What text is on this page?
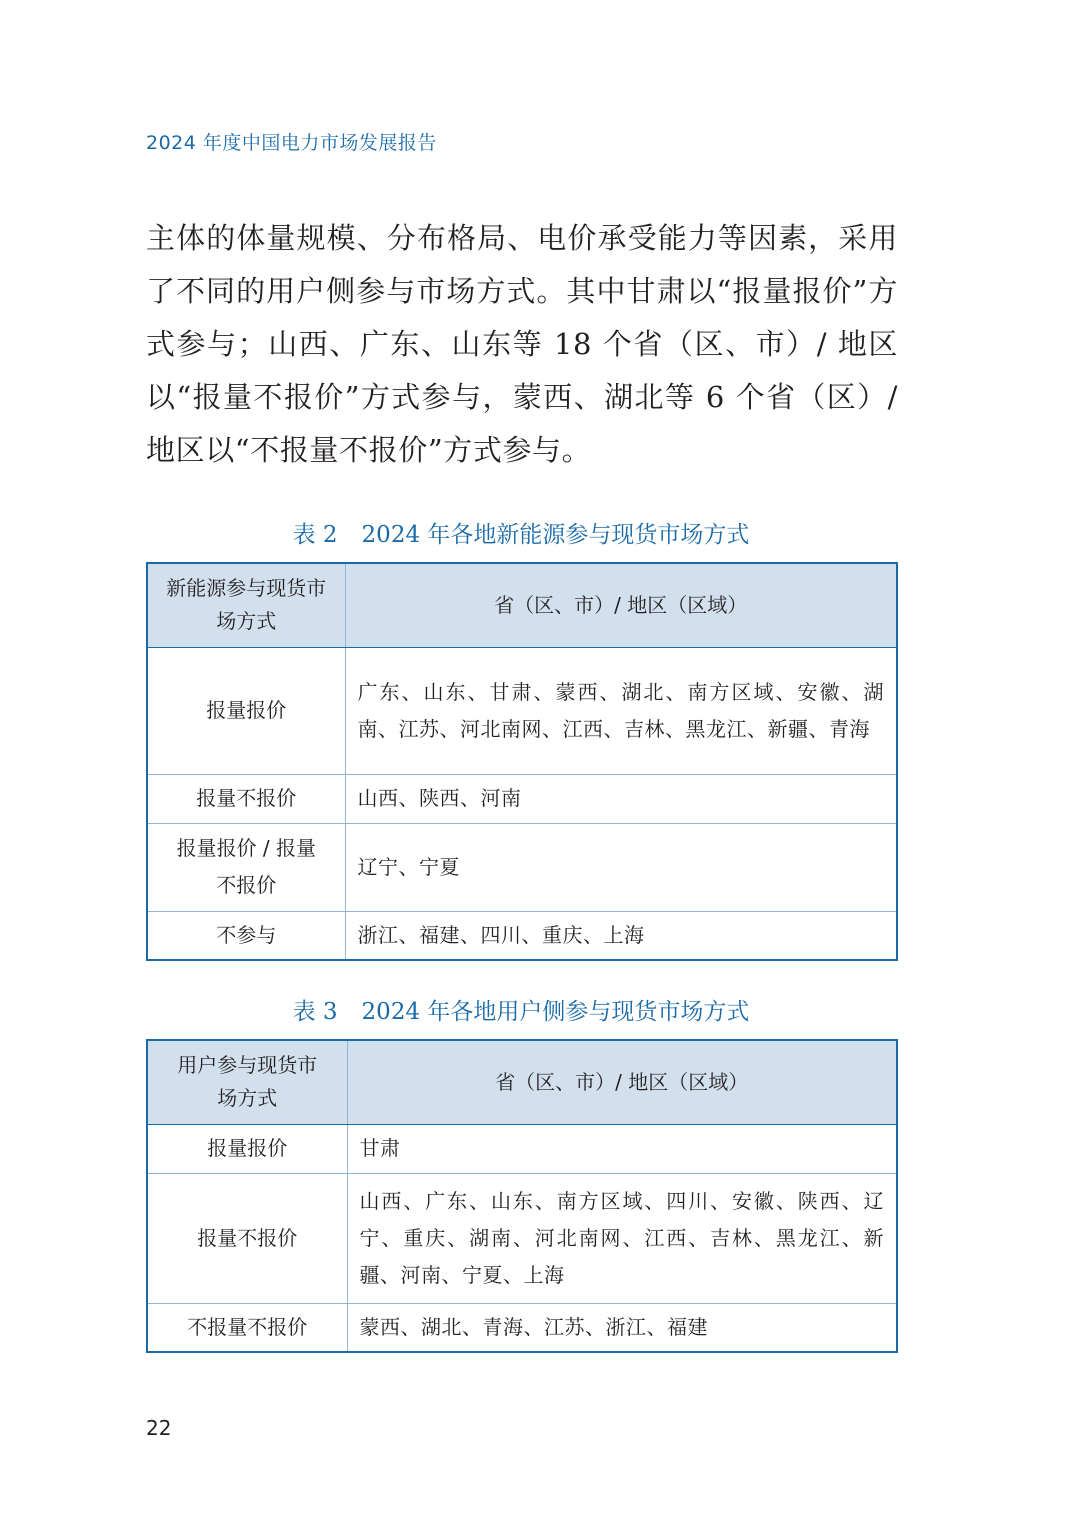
2024 年度中国电力市场发展报告

主体的体量规模、分布格局、电价承受能力等因素，采用了不同的用户侧参与市场方式。其中甘肃以“报量报价”方式参与；山西、广东、山东等 18 个省（区、市）/ 地区以“报量不报价”方式参与，蒙西、湖北等 6 个省（区）/ 地区以“不报量不报价”方式参与。

表 2 2024 年各地新能源参与现货市场方式
新能源参与现货市场方式	省（区、市）/ 地区（区域）
报量报价	广东、山东、甘肃、蒙西、湖北、南方区域、安徽、湖南、江苏、河北南网、江西、吉林、黑龙江、新疆、青海
报量不报价	山西、陕西、河南
报量报价 / 报量不报价	辽宁、宁夏
不参与	浙江、福建、四川、重庆、上海
表 3 2024 年各地用户侧参与现货市场方式
用户参与现货市场方式	省（区、市）/ 地区（区域）
报量报价	甘肃
报量不报价	山西、广东、山东、南方区域、四川、安徽、陕西、辽宁、重庆、湖南、河北南网、江西、吉林、黑龙江、新疆、河南、宁夏、上海
不报量不报价	蒙西、湖北、青海、江苏、浙江、福建
22
